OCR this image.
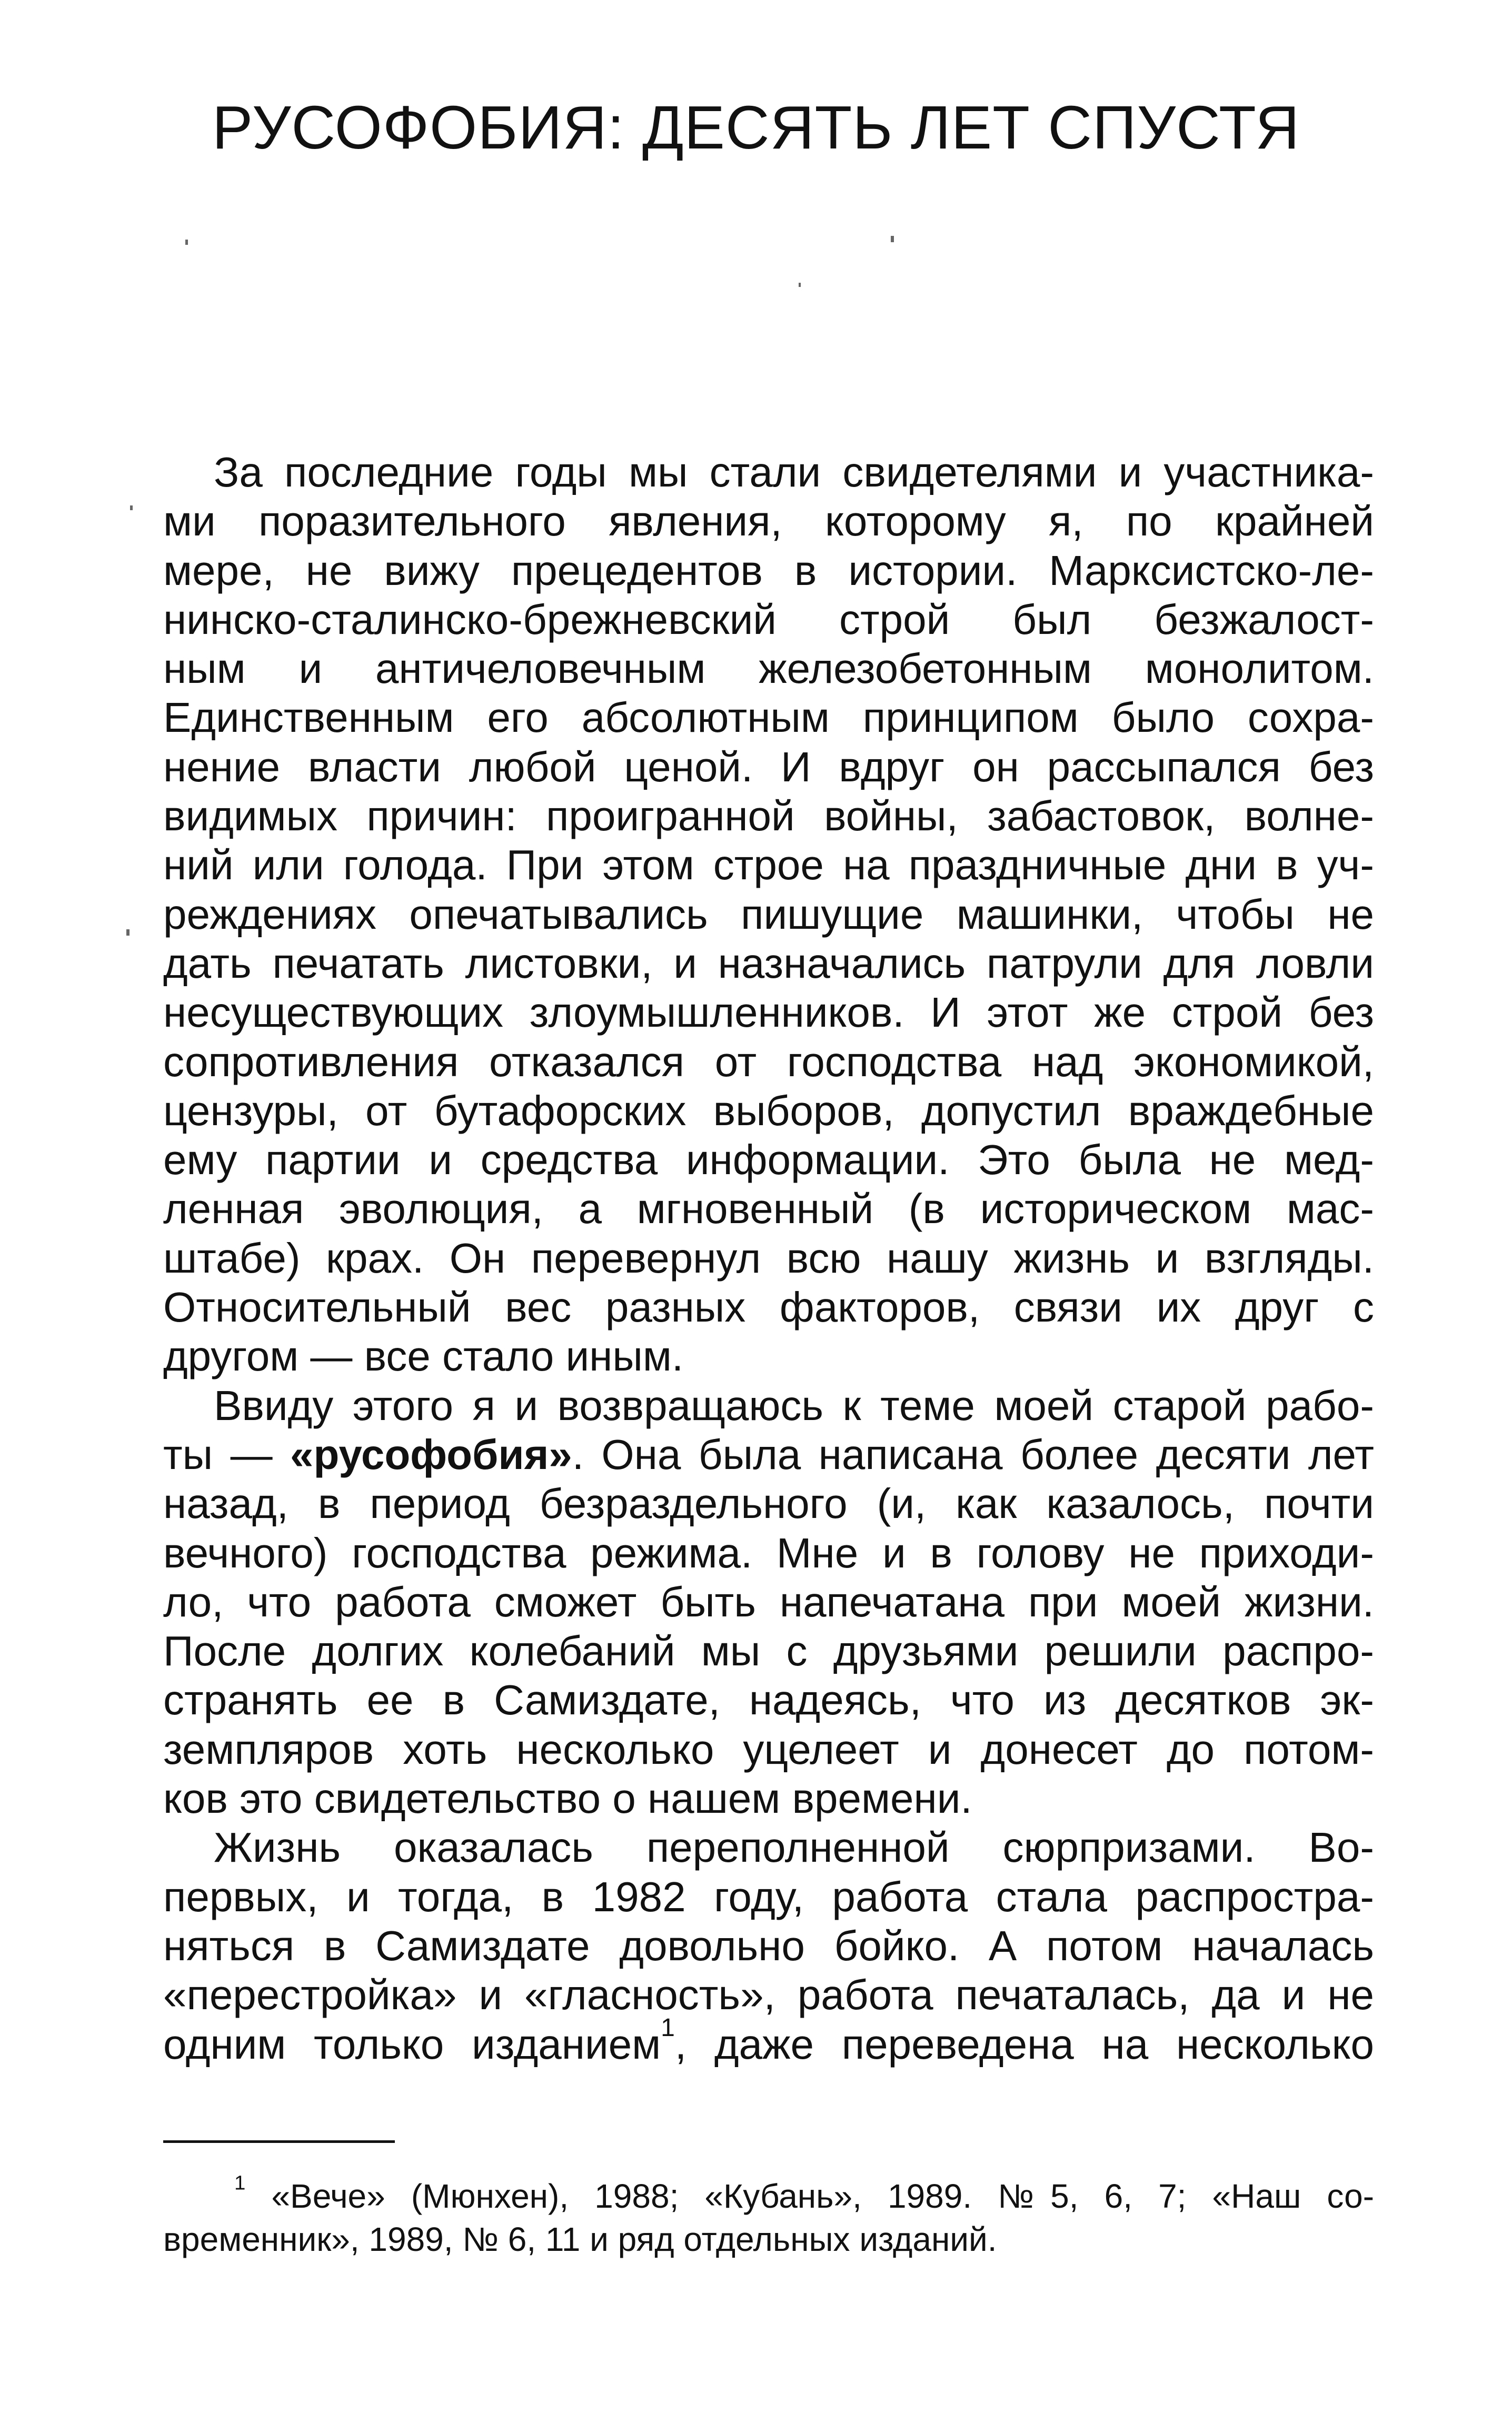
РУСОФОБИЯ: ДЕСЯТЬ ЛЕТ СПУСТЯ
За последние годы мы стали свидетелями и участника-
ми поразительного явления, которому я, по крайней
мере, не вижу прецедентов в истории. Марксистско-ле-
нинско-сталинско-брежневский строй был безжалост-
ным и античеловечным железобетонным монолитом.
Единственным его абсолютным принципом было сохра-
нение власти любой ценой. И вдруг он рассыпался без
видимых причин: проигранной войны, забастовок, волне-
ний или голода. При этом строе на праздничные дни в уч-
реждениях опечатывались пишущие машинки, чтобы не
дать печатать листовки, и назначались патрули для ловли
несуществующих злоумышленников. И этот же строй без
сопротивления отказался от господства над экономикой,
цензуры, от бутафорских выборов, допустил враждебные
ему партии и средства информации. Это была не мед-
ленная эволюция, а мгновенный (в историческом мас-
штабе) крах. Он перевернул всю нашу жизнь и взгляды.
Относительный вес разных факторов, связи их друг с
другом — все стало иным.
Ввиду этого я и возвращаюсь к теме моей старой рабо-
ты — «русофобия». Она была написана более десяти лет
назад, в период безраздельного (и, как казалось, почти
вечного) господства режима. Мне и в голову не приходи-
ло, что работа сможет быть напечатана при моей жизни.
После долгих колебаний мы с друзьями решили распро-
странять ее в Самиздате, надеясь, что из десятков эк-
земпляров хоть несколько уцелеет и донесет до потом-
ков это свидетельство о нашем времени.
Жизнь оказалась переполненной сюрпризами. Во-
первых, и тогда, в 1982 году, работа стала распростра-
няться в Самиздате довольно бойко. А потом началась
«перестройка» и «гласность», работа печаталась, да и не
одним только изданием$^1$, даже переведена на несколько
$^1$ «Вече» (Мюнхен), 1988; «Кубань», 1989. №5, 6, 7; «Наш со-
временник», 1989, № 6, 11 и ряд отдельных изданий.
